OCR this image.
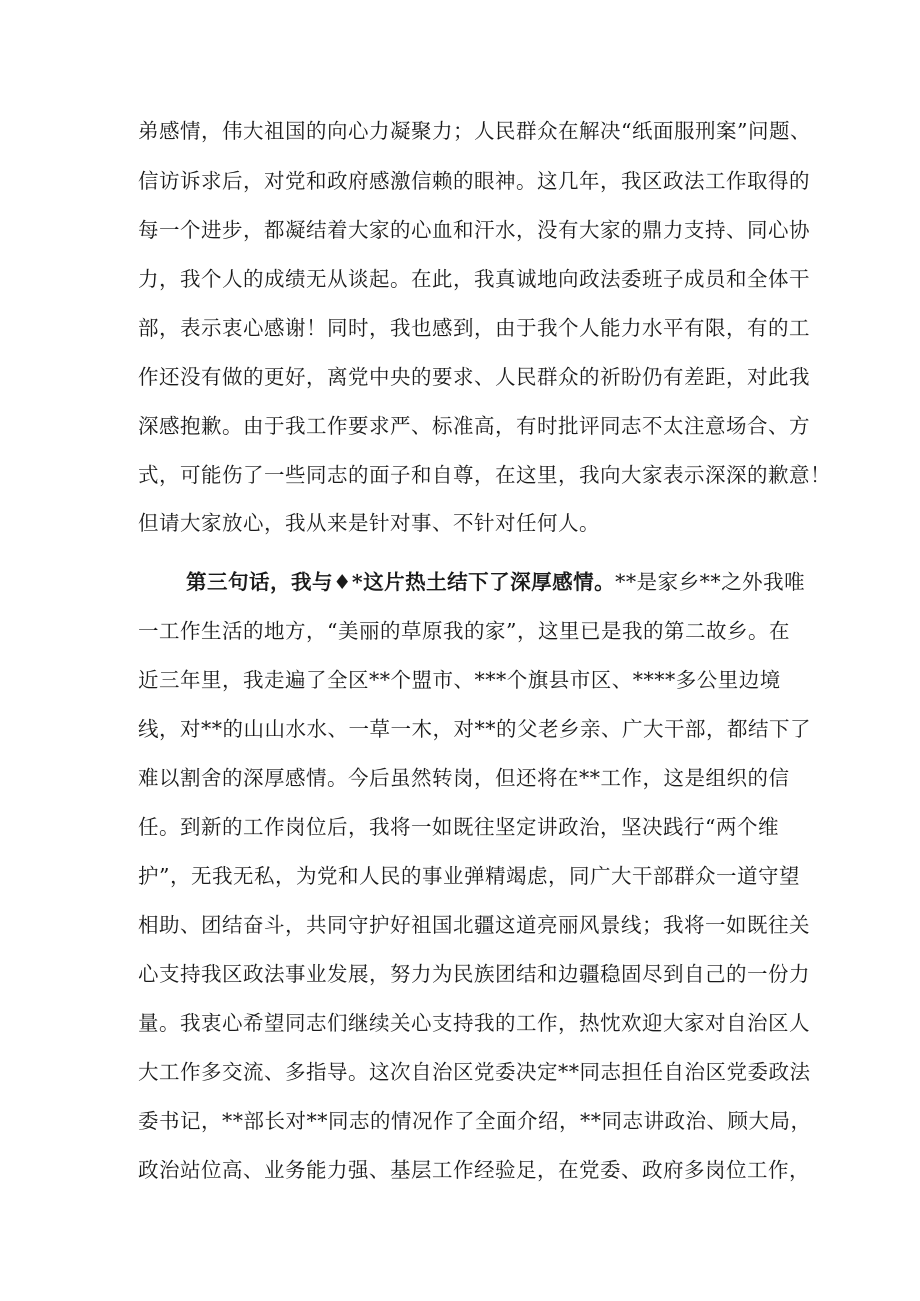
弟感情，伟大祖国的向心力凝聚力；人民群众在解决“纸面服刑案”问题、
信访诉求后，对党和政府感激信赖的眼神。这几年，我区政法工作取得的
每一个进步，都凝结着大家的心血和汗水，没有大家的鼎力支持、同心协
力，我个人的成绩无从谈起。在此，我真诚地向政法委班子成员和全体干
部，表示衷心感谢！同时，我也感到，由于我个人能力水平有限，有的工
作还没有做的更好，离党中央的要求、人民群众的祈盼仍有差距，对此我
深感抱歉。由于我工作要求严、标准高，有时批评同志不太注意场合、方
式，可能伤了一些同志的面子和自尊，在这里，我向大家表示深深的歉意！
但请大家放心，我从来是针对事、不针对任何人。
第三句话，我与♦*这片热土结下了深厚感情。**是家乡**之外我唯
一工作生活的地方，“美丽的草原我的家”，这里已是我的第二故乡。在
近三年里，我走遍了全区**个盟市、***个旗县市区、****多公里边境
线，对**的山山水水、一草一木，对**的父老乡亲、广大干部，都结下了
难以割舍的深厚感情。今后虽然转岗，但还将在**工作，这是组织的信
任。到新的工作岗位后，我将一如既往坚定讲政治，坚决践行“两个维
护”，无我无私，为党和人民的事业弹精竭虑，同广大干部群众一道守望
相助、团结奋斗，共同守护好祖国北疆这道亮丽风景线；我将一如既往关
心支持我区政法事业发展，努力为民族团结和边疆稳固尽到自己的一份力
量。我衷心希望同志们继续关心支持我的工作，热忱欢迎大家对自治区人
大工作多交流、多指导。这次自治区党委决定**同志担任自治区党委政法
委书记，**部长对**同志的情况作了全面介绍，**同志讲政治、顾大局，
政治站位高、业务能力强、基层工作经验足，在党委、政府多岗位工作，
